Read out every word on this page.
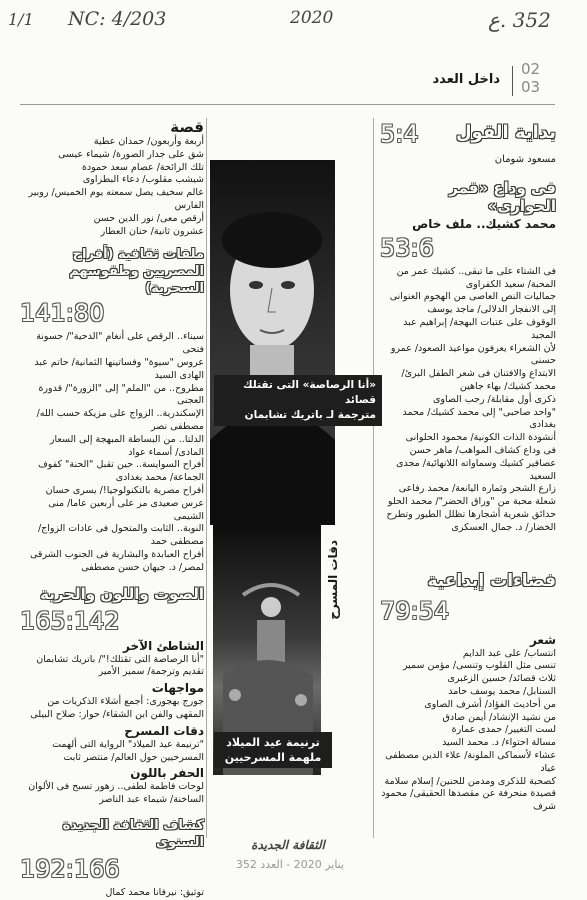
1/1 NC: 4/203	2020	352 .ع
داخل العدد
02
03
5:4 بداية القول
مسعود شومان
فى وداع «قمر الحوارى»
محمد كشيك.. ملف خاص
53:6

فى الشتاء على ما تبقى.. كشيك عمر من المحبة/ سعيد الكفراوى

جماليات النص العاصى من الهجوم العنوانى إلى الانفجار الدلالى/ ماجد يوسف

الوقوف على عتبات البهجة/ إبراهيم عبد المجيد

لأن الشعراء يعرفون مواعيد الصعود/ عمرو حسنى

الابتداع والافتنان فى شعر الطفل البرئ/ محمد كشيك/ بهاء جاهين

ذكرى أول مقابلة/ رجب الصاوى

"واحد صاحبى" إلى محمد كشيك/ محمد بغدادى

أنشودة الذات الكونية/ محمود الحلوانى

فى وداع كشاف المواهب/ ماهر حسن

عصافير كشيك وسماواته اللانهائية/ مجدى السعيد

زارع الشجر وثماره اليانعة/ محمد رفاعى

شعلة محبة من "وراق الحضر"/ محمد الحلو

حدائق شعرية أشجارها تظلل الطيور وتطرح الخضار/ د. جمال العسكرى

فضاءات إبداعية
79:54
شعر

انتساب/ على عبد الدايم

تنسى مثل القلوب وتنسى/ مؤمن سمير

ثلاث قصائد/ حسين الزغبرى

السنابل/ محمد يوسف حامد

من أحاديث الفؤاد/ أشرف الصاوى

من نشيد الإنشاد/ أيمن صادق

لست التغيير/ حمدى عمارة

مسالة احتواء/ د. محمد السيد

عشاء لأسماكى الملونة/ علاء الدين مصطفى عياد

كصحبة للذكرى ومدمن للحنين/ إسلام سلامة

قصيدة منحرفة عن مقصدها الحقيقى/ محمود شرف

«أنا الرصاصة» التى تقتلك قصائد
مترجمة لـ باتريك تشابمان
دقات المسرح
ترنيمة عيد الميلاد
ملهمة المسرحيين
قصة

أربعة وأربعون/ حمدان عطية

شق على جدار الصورة/ شيماء عيسى

تلك الرائحة/ عصام سعد حمودة

شيشب مقلوب/ دعاء البطراوى

عالم سخيف يصل سمعته يوم الخميس/ روبير الفارس

أرقص معى/ نور الدين حسن

عشرون ثانية/ حنان العطار

ملفات ثقافية (أفراح المصريين وطقوسهم السحرية)
141:80

سيناء.. الرقص على أنغام "الدحية"/ حسونة فتحى

عروس "سيوة" وفساتينها الثمانية/ حاتم عبد الهادى السيد

مطروح.. من "الملم" إلى "الزورة"/ قدورة العجنى

الإسكندرية.. الزواج على مزيكة حسب الله/ مصطفى نصر

الدلتا.. من البساطة المبهجة إلى السعار المادى/ أسماء عواد

أفراح السوايسة.. حين تقبل "الحنة" كفوف الجماعة/ محمد بغدادى

أفراح مصرية بالتكنولوجيا!/ يسرى حسان

عرس صعيدى مر على أربعين عاما/ منى الشيمى

النوبة.. الثابت والمتحول فى عادات الزواج/ مصطفى حمد

أفراح العبابدة والبشارية فى الجنوب الشرقى لمصر/ د. جيهان حسن مصطفى

الصوت واللون والحرية
165:142
الشاطئ الآخر

"أنا الرصاصة التى تقتلك!"/ باتريك تشابمان

تقديم وترجمة/ سمير الأمير

مواجهات

جورج بهجورى: أجمع أشلاء الذكريات من المقهى والفن ابن الشقاء/ حوار: صلاح البيلى

دقات المسرح

"ترنيمة عيد الميلاد" الرواية التى ألهمت المسرحيين حول العالم/ منتصر ثابت

الحفر باللون

لوحات فاطمة لطفى.. زهور تسبح فى الألوان الساخنة/ شيماء عبد الناصر

كشاف الثقافة الجديدة السنوى
192:166

توثيق: نيرفانا محمد كمال

الثقافة الجديدة
يناير 2020 - العدد 352
